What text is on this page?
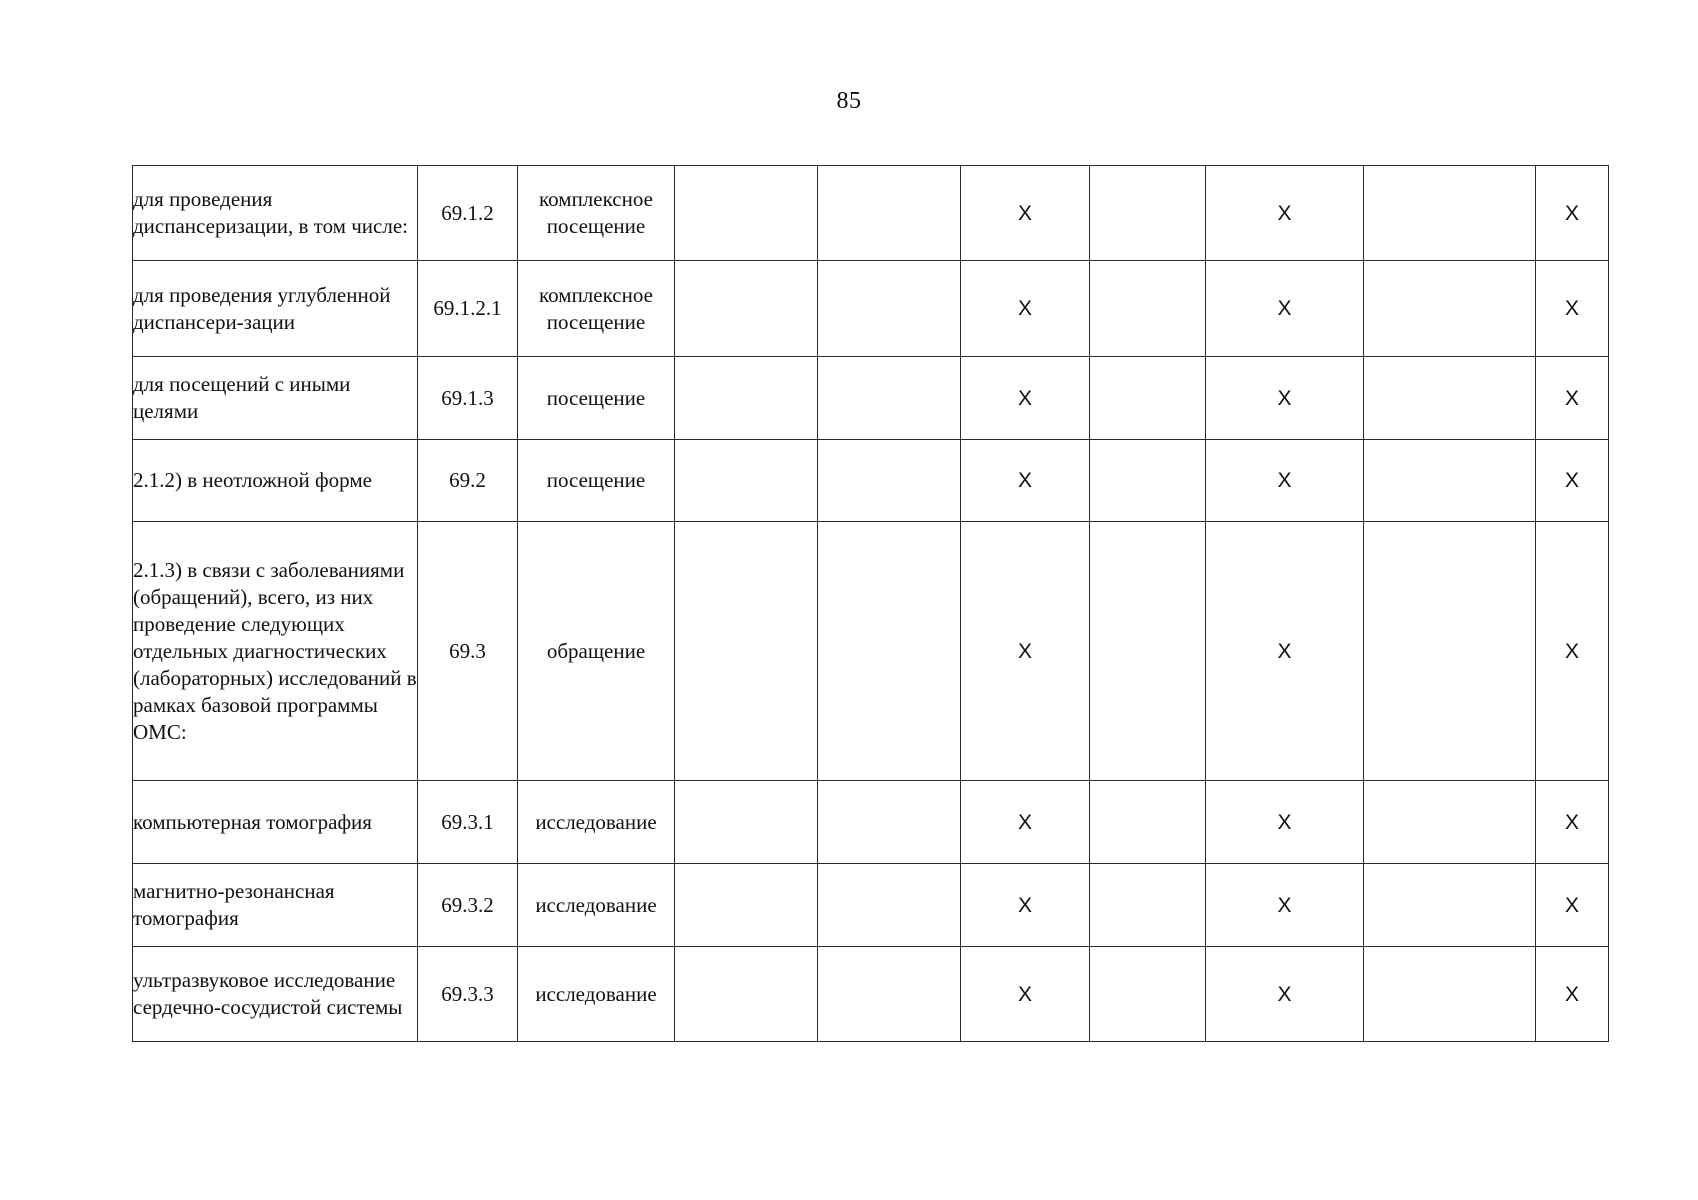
85
для проведения диспансеризации, в том числе:	69.1.2	комплексное посещение			X		X		X
для проведения углубленной диспансери-зации	69.1.2.1	комплексное посещение			X		X		X
для посещений с иными целями	69.1.3	посещение			X		X		X
2.1.2) в неотложной форме	69.2	посещение			X		X		X
2.1.3) в связи с заболеваниями (обращений), всего, из них проведение следующих отдельных диагностических (лабораторных) исследований в рамках базовой программы ОМС:	69.3	обращение			X		X		X
компьютерная томография	69.3.1	исследование			X		X		X
магнитно-резонансная томография	69.3.2	исследование			X		X		X
ультразвуковое исследование сердечно-сосудистой системы	69.3.3	исследование			X		X		X
